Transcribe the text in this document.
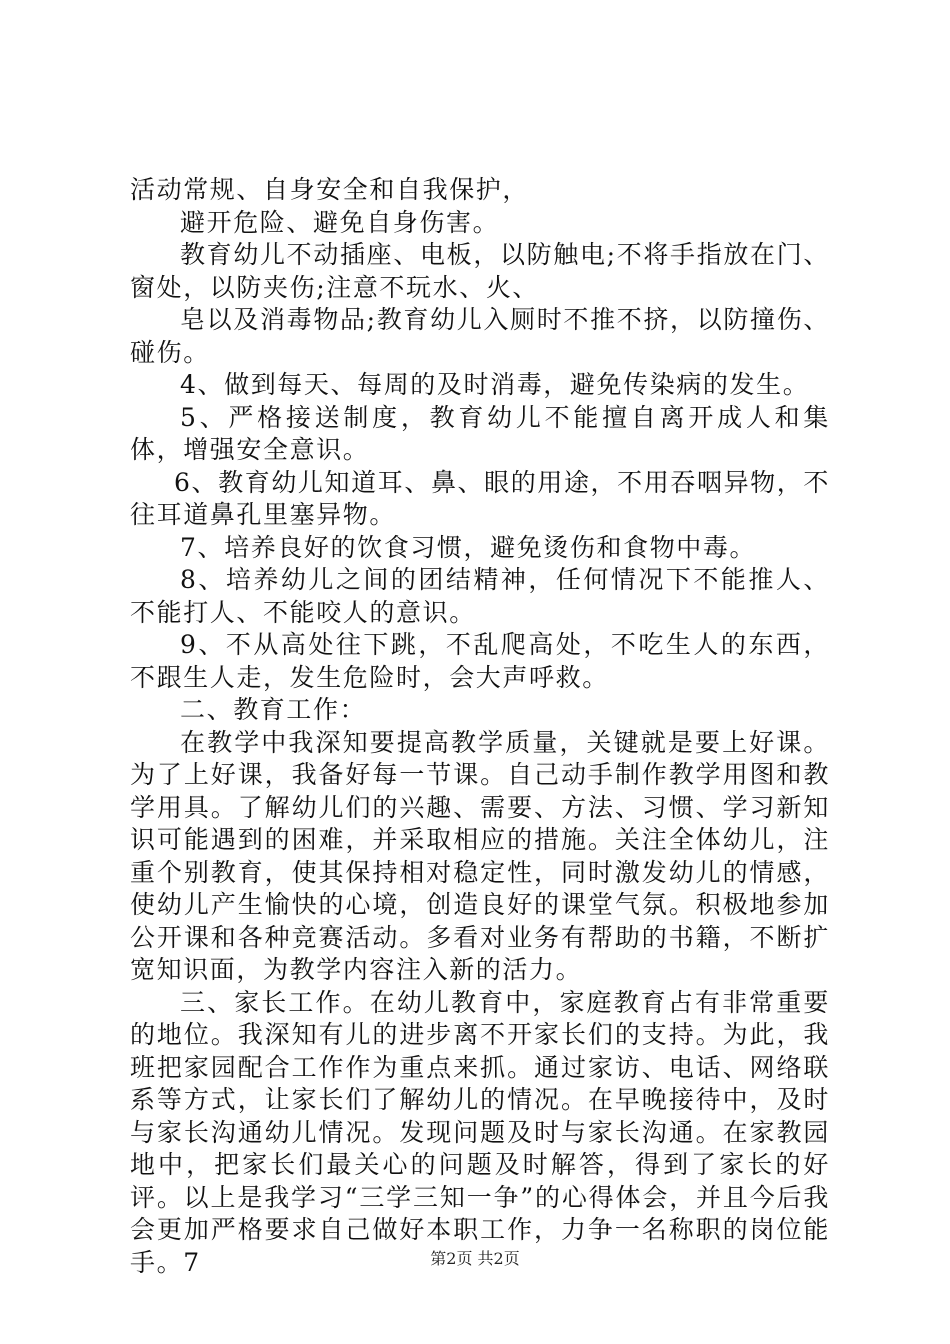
活动常规、自身安全和自我保护，

避开危险、避免自身伤害。

教育幼儿不动插座、电板，以防触电;不将手指放在门、窗处，以防夹伤;注意不玩水、火、

皂以及消毒物品;教育幼儿入厕时不推不挤，以防撞伤、碰伤。

4、做到每天、每周的及时消毒，避免传染病的发生。

5、严格接送制度，教育幼儿不能擅自离开成人和集体，增强安全意识。

6、教育幼儿知道耳、鼻、眼的用途，不用吞咽异物，不往耳道鼻孔里塞异物。

7、培养良好的饮食习惯，避免烫伤和食物中毒。

8、培养幼儿之间的团结精神，任何情况下不能推人、不能打人、不能咬人的意识。

9、不从高处往下跳，不乱爬高处，不吃生人的东西，不跟生人走，发生危险时，会大声呼救。

二、教育工作：

在教学中我深知要提高教学质量，关键就是要上好课。为了上好课，我备好每一节课。自己动手制作教学用图和教学用具。了解幼儿们的兴趣、需要、方法、习惯、学习新知识可能遇到的困难，并采取相应的措施。关注全体幼儿，注重个别教育，使其保持相对稳定性，同时激发幼儿的情感，使幼儿产生愉快的心境，创造良好的课堂气氛。积极地参加公开课和各种竞赛活动。多看对业务有帮助的书籍，不断扩宽知识面，为教学内容注入新的活力。

三、家长工作。在幼儿教育中，家庭教育占有非常重要的地位。我深知有儿的进步离不开家长们的支持。为此，我班把家园配合工作作为重点来抓。通过家访、电话、网络联系等方式，让家长们了解幼儿的情况。在早晚接待中，及时与家长沟通幼儿情况。发现问题及时与家长沟通。在家教园地中，把家长们最关心的问题及时解答，得到了家长的好评。以上是我学习“三学三知一争”的心得体会，并且今后我会更加严格要求自己做好本职工作，力争一名称职的岗位能手。7	第2页 共2页
